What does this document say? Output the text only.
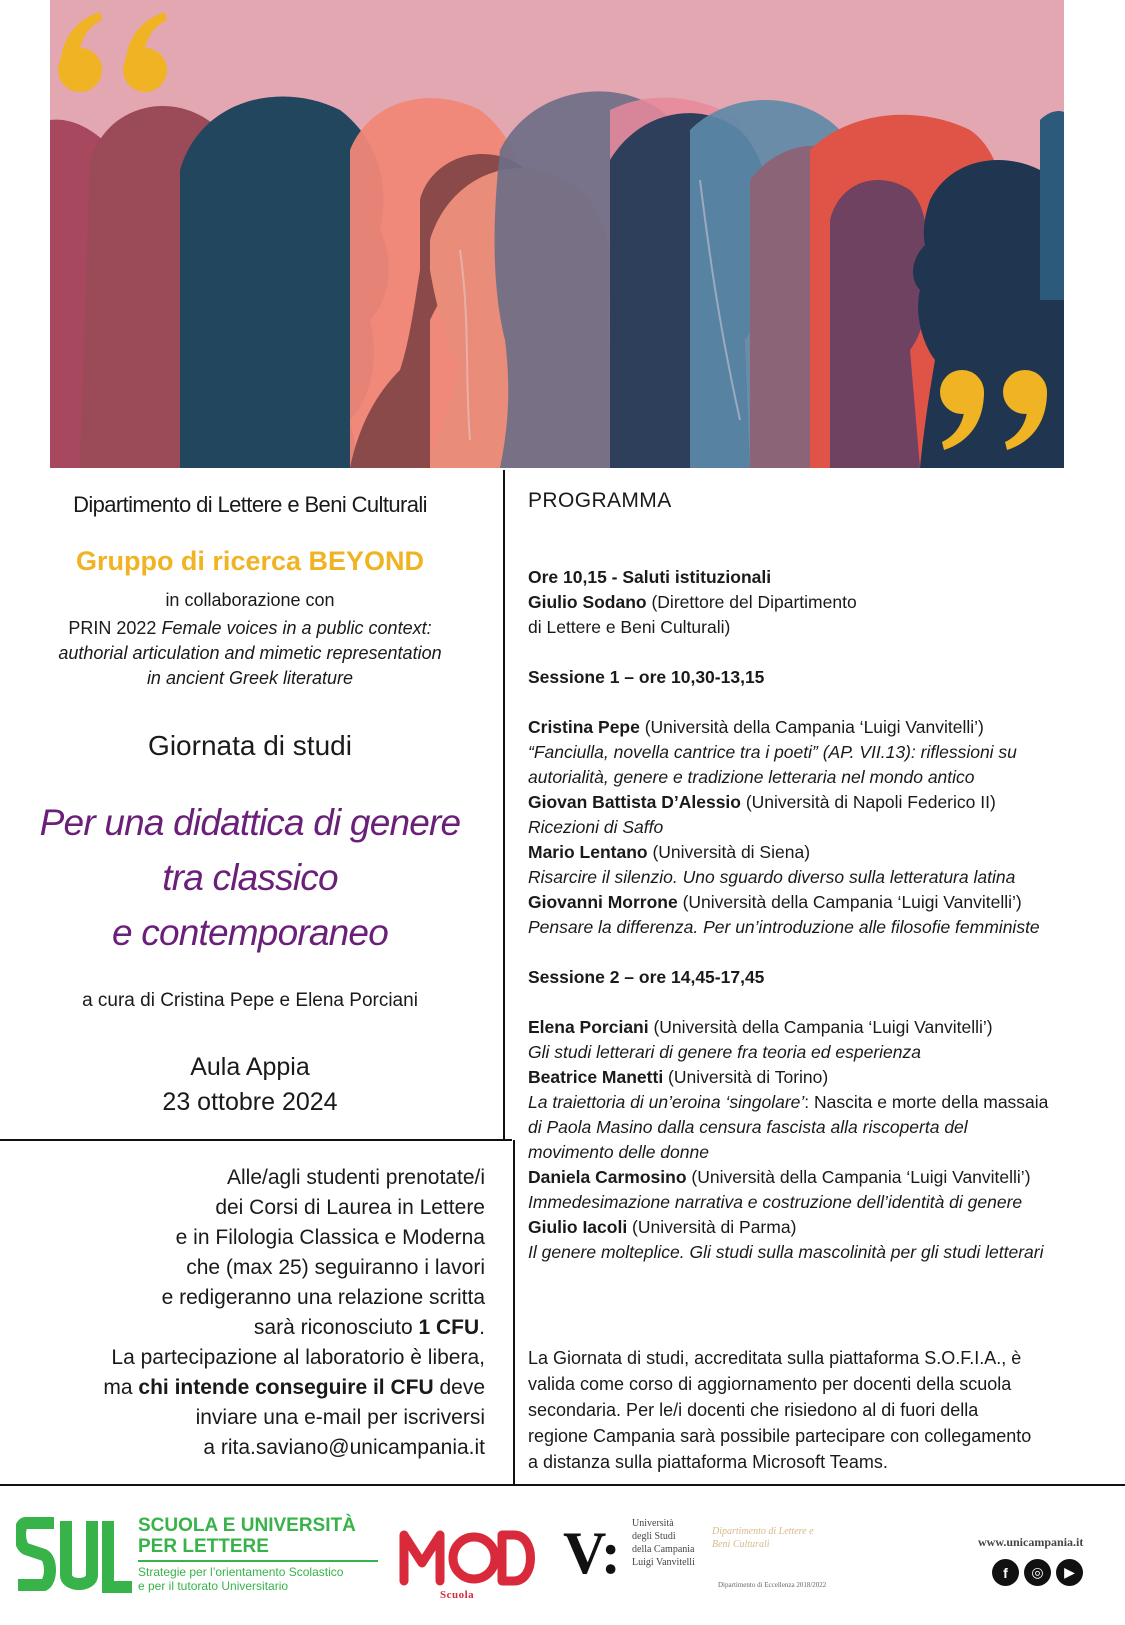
Dipartimento di Lettere e Beni Culturali
Gruppo di ricerca BEYOND
in collaborazione con
PRIN 2022 Female voices in a public context:
authorial articulation and mimetic representation
in ancient Greek literature
Giornata di studi
Per una didattica di genere
tra classico
e contemporaneo
a cura di Cristina Pepe e Elena Porciani
Aula Appia
23 ottobre 2024
Alle/agli studenti prenotate/i
dei Corsi di Laurea in Lettere
e in Filologia Classica e Moderna
che (max 25) seguiranno i lavori
e redigeranno una relazione scritta
sarà riconosciuto 1 CFU.
La partecipazione al laboratorio è libera,
ma chi intende conseguire il CFU deve
inviare una e-mail per iscriversi
a rita.saviano@unicampania.it
PROGRAMMA
Ore 10,15 - Saluti istituzionali
Giulio Sodano (Direttore del Dipartimento
di Lettere e Beni Culturali)
Sessione 1 – ore 10,30-13,15
Cristina Pepe (Università della Campania ‘Luigi Vanvitelli’)
“Fanciulla, novella cantrice tra i poeti” (AP. VII.13): riflessioni su
autorialità, genere e tradizione letteraria nel mondo antico
Giovan Battista D’Alessio (Università di Napoli Federico II)
Ricezioni di Saffo
Mario Lentano (Università di Siena)
Risarcire il silenzio. Uno sguardo diverso sulla letteratura latina
Giovanni Morrone (Università della Campania ‘Luigi Vanvitelli’)
Pensare la differenza. Per un’introduzione alle filosofie femministe
Sessione 2 – ore 14,45-17,45
Elena Porciani (Università della Campania ‘Luigi Vanvitelli’)
Gli studi letterari di genere fra teoria ed esperienza
Beatrice Manetti (Università di Torino)
La traiettoria di un’eroina ‘singolare’: Nascita e morte della massaia
di Paola Masino dalla censura fascista alla riscoperta del
movimento delle donne
Daniela Carmosino (Università della Campania ‘Luigi Vanvitelli’)
Immedesimazione narrativa e costruzione dell’identità di genere
Giulio Iacoli (Università di Parma)
Il genere molteplice. Gli studi sulla mascolinità per gli studi letterari
La Giornata di studi, accreditata sulla piattaforma S.O.F.I.A., è
valida come corso di aggiornamento per docenti della scuola
secondaria. Per le/i docenti che risiedono al di fuori della
regione Campania sarà possibile partecipare con collegamento
a distanza sulla piattaforma Microsoft Teams.
SCUOLA E UNIVERSITÀ
PER LETTERE
Strategie per l’orientamento Scolastico
e per il tutorato Universitario
Scuola
V: Università
degli Studi
della Campania
Luigi Vanvitelli
Dipartimento di Lettere e
Beni Culturali
Dipartimento di Eccellenza 2018/2022
www.unicampania.it
f	◎	▶
